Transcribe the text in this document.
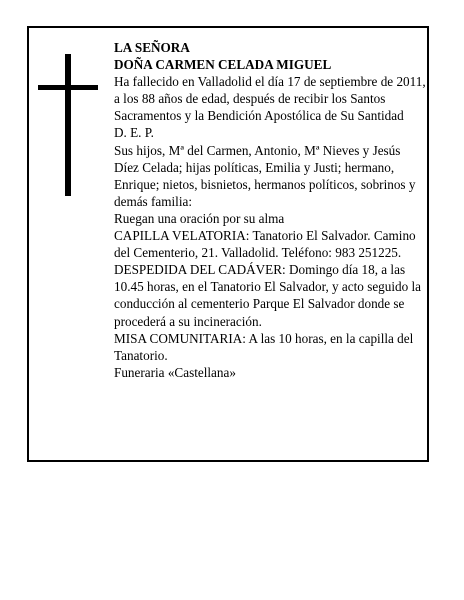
LA SEÑORA

DOÑA CARMEN CELADA MIGUEL

Ha fallecido en Valladolid el día 17 de septiembre de 2011, a los 88 años de edad, después de recibir los Santos Sacramentos y la Bendición Apostólica de Su Santidad

D. E. P.

Sus hijos, Mª del Carmen, Antonio, Mª Nieves y Jesús Díez Celada; hijas políticas, Emilia y Justi; hermano, Enrique; nietos, bisnietos, hermanos políticos, sobrinos y demás familia:

Ruegan una oración por su alma

CAPILLA VELATORIA: Tanatorio El Salvador. Camino del Cementerio, 21. Valladolid. Teléfono: 983 251225.

DESPEDIDA DEL CADÁVER: Domingo día 18, a las 10.45 horas, en el Tanatorio El Salvador, y acto seguido la conducción al cementerio Parque El Salvador donde se procederá a su incineración.

MISA COMUNITARIA: A las 10 horas, en la capilla del Tanatorio.

Funeraria «Castellana»
